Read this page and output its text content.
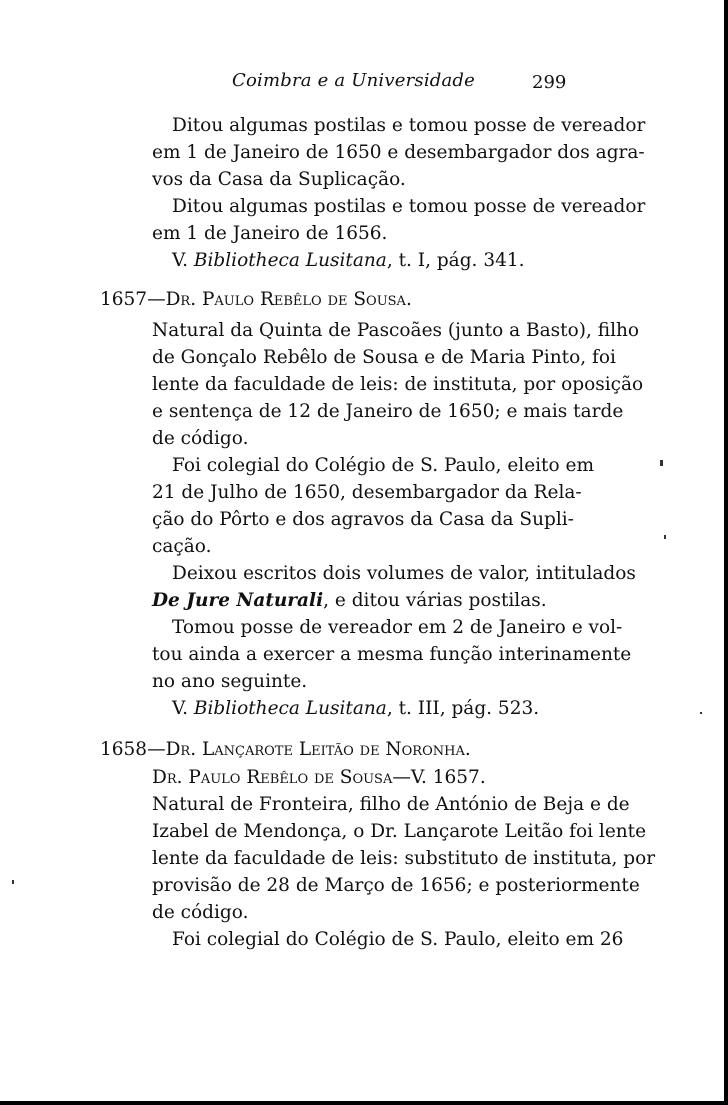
Coimbra e a Universidade	299
Ditou algumas postilas e tomou posse de vereador
em 1 de Janeiro de 1650 e desembargador dos agra-
vos da Casa da Suplicação.
Ditou algumas postilas e tomou posse de vereador
em 1 de Janeiro de 1656.
V. Bibliotheca Lusitana, t. I, pág. 341.
1657—Dr. Paulo Rebêlo de Sousa.
Natural da Quinta de Pascoães (junto a Basto), filho
de Gonçalo Rebêlo de Sousa e de Maria Pinto, foi
lente da faculdade de leis: de instituta, por oposição
e sentença de 12 de Janeiro de 1650; e mais tarde
de código.
Foi colegial do Colégio de S. Paulo, eleito em
21 de Julho de 1650, desembargador da Rela-
ção do Pôrto e dos agravos da Casa da Supli-
cação.
Deixou escritos dois volumes de valor, intitulados
De Jure Naturali, e ditou várias postilas.
Tomou posse de vereador em 2 de Janeiro e vol-
tou ainda a exercer a mesma função interinamente
no ano seguinte.
V. Bibliotheca Lusitana, t. III, pág. 523.
1658—Dr. Lançarote Leitão de Noronha.
Dr. Paulo Rebêlo de Sousa—V. 1657.
Natural de Fronteira, filho de António de Beja e de
Izabel de Mendonça, o Dr. Lançarote Leitão foi lente
lente da faculdade de leis: substituto de instituta, por
provisão de 28 de Março de 1656; e posteriormente
de código.
Foi colegial do Colégio de S. Paulo, eleito em 26
